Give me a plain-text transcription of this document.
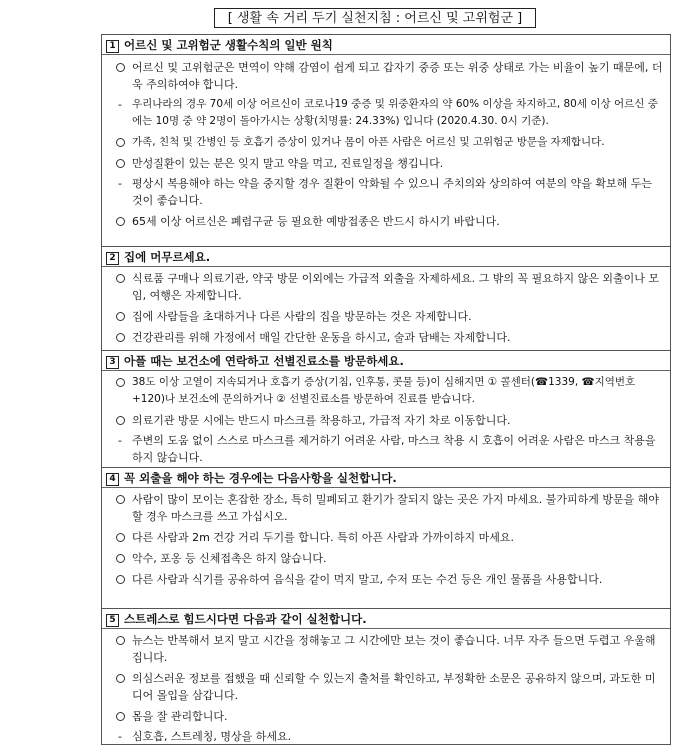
[ 생활 속 거리 두기 실천지침 : 어르신 및 고위험군 ]
1 어르신 및 고위험군 생활수칙의 일반 원칙
어르신 및 고위험군은 면역이 약해 감염이 쉽게 되고 갑자기 중증 또는 위중 상태로 가는 비율이 높기 때문에, 더욱 주의하여야 합니다.
- 우리나라의 경우 70세 이상 어르신이 코로나19 중증 및 위중환자의 약 60% 이상을 차지하고, 80세 이상 어르신 중에는 10명 중 약 2명이 돌아가시는 상황(치명률: 24.33%) 입니다 (2020.4.30. 0시 기준).
가족, 친척 및 간병인 등 호흡기 증상이 있거나 몸이 아픈 사람은 어르신 및 고위험군 방문을 자제합니다.
만성질환이 있는 분은 잊지 말고 약을 먹고, 진료일정을 챙깁니다.
- 평상시 복용해야 하는 약을 중지할 경우 질환이 악화될 수 있으니 주치의와 상의하여 여분의 약을 확보해 두는 것이 좋습니다.
65세 이상 어르신은 폐렴구균 등 필요한 예방접종은 반드시 하시기 바랍니다.
2 집에 머무르세요.
식료품 구매나 의료기관, 약국 방문 이외에는 가급적 외출을 자제하세요. 그 밖의 꼭 필요하지 않은 외출이나 모임, 여행은 자제합니다.
집에 사람들을 초대하거나 다른 사람의 집을 방문하는 것은 자제합니다.
건강관리를 위해 가정에서 매일 간단한 운동을 하시고, 술과 담배는 자제합니다.
3 아플 때는 보건소에 연락하고 선별진료소를 방문하세요.
38도 이상 고열이 지속되거나 호흡기 증상(기침, 인후통, 콧물 등)이 심해지면 ① 콜센터(☎1339, ☎지역번호+120)나 보건소에 문의하거나 ② 선별진료소를 방문하여 진료를 받습니다.
의료기관 방문 시에는 반드시 마스크를 착용하고, 가급적 자기 차로 이동합니다.
- 주변의 도움 없이 스스로 마스크를 제거하기 어려운 사람, 마스크 착용 시 호흡이 어려운 사람은 마스크 착용을 하지 않습니다.
4 꼭 외출을 해야 하는 경우에는 다음사항을 실천합니다.
사람이 많이 모이는 혼잡한 장소, 특히 밀폐되고 환기가 잘되지 않는 곳은 가지 마세요. 불가피하게 방문을 해야 할 경우 마스크를 쓰고 가십시오.
다른 사람과 2m 건강 거리 두기를 합니다. 특히 아픈 사람과 가까이하지 마세요.
악수, 포옹 등 신체접촉은 하지 않습니다.
다른 사람과 식기를 공유하여 음식을 같이 먹지 말고, 수저 또는 수건 등은 개인 물품을 사용합니다.
5 스트레스로 힘드시다면 다음과 같이 실천합니다.
뉴스는 반복해서 보지 말고 시간을 정해놓고 그 시간에만 보는 것이 좋습니다. 너무 자주 들으면 두렵고 우울해집니다.
의심스러운 정보를 접했을 때 신뢰할 수 있는지 출처를 확인하고, 부정확한 소문은 공유하지 않으며, 과도한 미디어 몰입을 삼갑니다.
몸을 잘 관리합니다.
- 심호흡, 스트레칭, 명상을 하세요.
